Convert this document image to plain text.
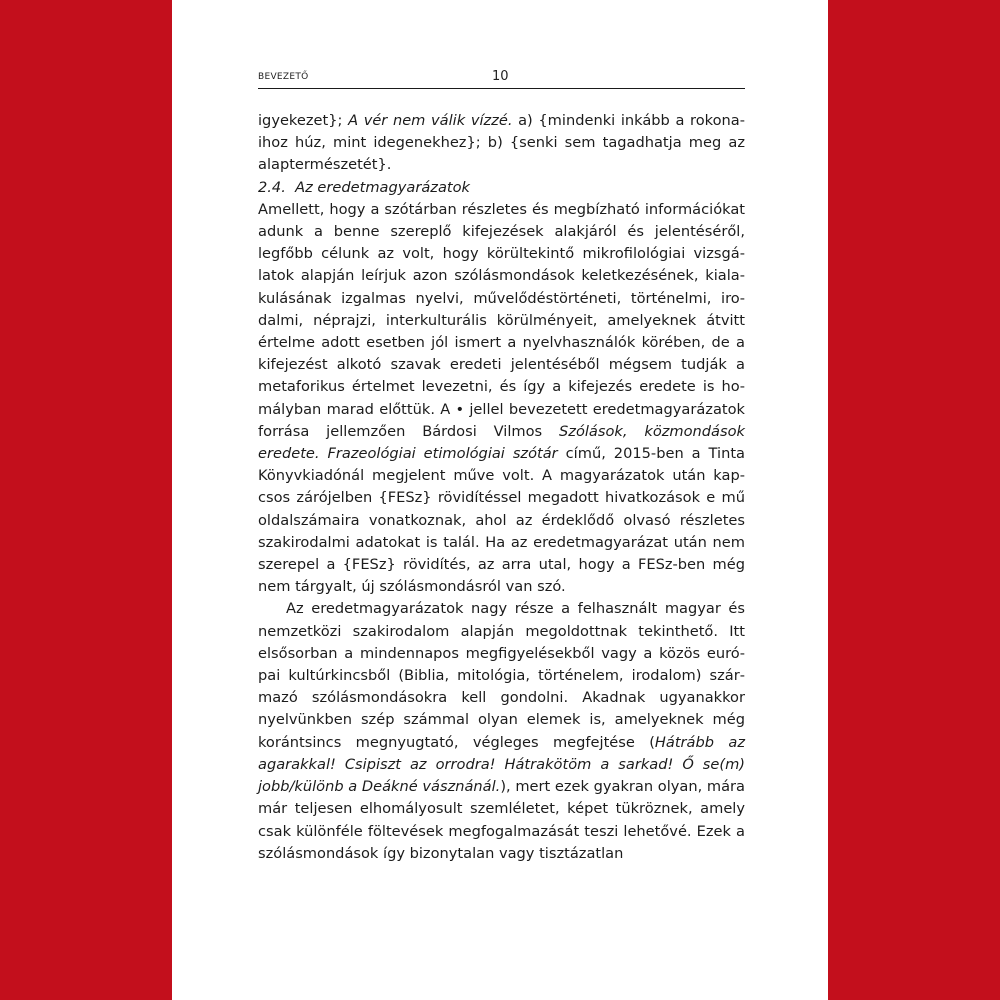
BEVEZETŐ	10

igyekezet}; A vér nem válik vízzé. a) {mindenki inkább a rokonaihoz húz, mint idegenekhez}; b) {senki sem tagadhatja meg az alaptermészetét}.

2.4. Az eredetmagyarázatok

Amellett, hogy a szótárban részletes és megbízható információkat adunk a benne szereplő kifejezések alakjáról és jelentéséről, legfőbb célunk az volt, hogy körültekintő mikrofilológiai vizsgálatok alapján leírjuk azon szólásmondások keletkezésének, kialakulásának izgalmas nyelvi, művelődéstörténeti, történelmi, irodalmi, néprajzi, interkulturális körülményeit, amelyeknek átvitt értelme adott esetben jól ismert a nyelvhasználók körében, de a kifejezést alkotó szavak eredeti jelentéséből mégsem tudják a metaforikus értelmet levezetni, és így a kifejezés eredete is homályban marad előttük. A • jellel bevezetett eredetmagyarázatok forrása jellemzően Bárdosi Vilmos Szólások, közmondások eredete. Frazeológiai etimológiai szótár című, 2015-ben a Tinta Könyvkiadónál megjelent műve volt. A magyarázatok után kapcsos zárójelben {FESz} rövidítéssel megadott hivatkozások e mű oldalszámaira vonatkoznak, ahol az érdeklődő olvasó részletes szakirodalmi adatokat is talál. Ha az eredetmagyarázat után nem szerepel a {FESz} rövidítés, az arra utal, hogy a FESz-ben még nem tárgyalt, új szólásmondásról van szó.

Az eredetmagyarázatok nagy része a felhasznált magyar és nemzetközi szakirodalom alapján megoldottnak tekinthető. Itt elsősorban a mindennapos megfigyelésekből vagy a közös európai kultúrkincsből (Biblia, mitológia, történelem, irodalom) származó szólásmondásokra kell gondolni. Akadnak ugyanakkor nyelvünkben szép számmal olyan elemek is, amelyeknek még korántsincs megnyugtató, végleges megfejtése (Hátrább az agarakkal! Csipiszt az orrodra! Hátrakötöm a sarkad! Ő se(m) jobb/különb a Deákné vásznánál.), mert ezek gyakran olyan, mára már teljesen elhomályosult szemléletet, képet tükröznek, amely csak különféle föltevések megfogalmazását teszi lehetővé. Ezek a szólásmondások így bizonytalan vagy tisztázatlan
